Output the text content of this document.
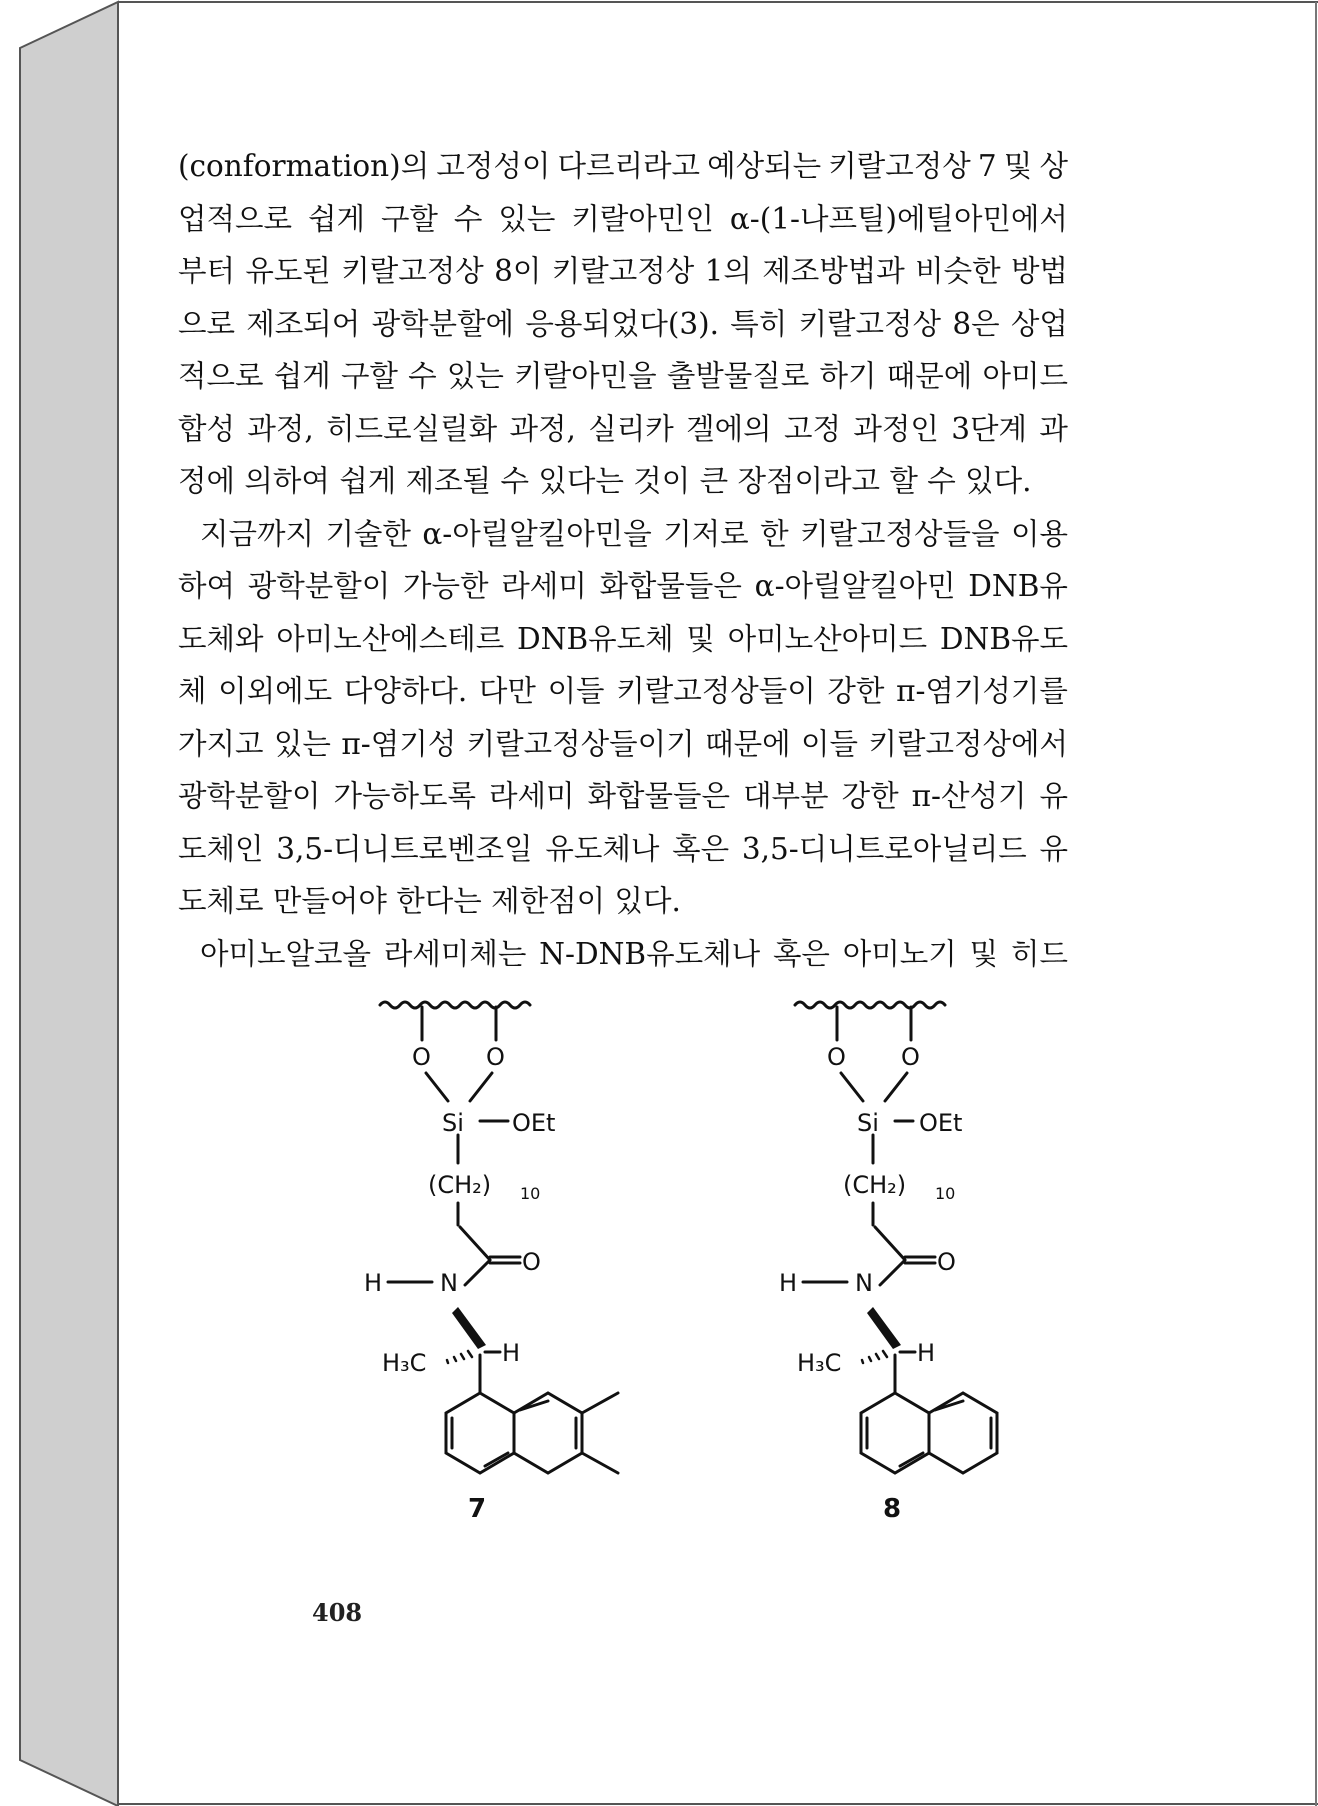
(conformation)의 고정성이 다르리라고 예상되는 키랄고정상 7 및 상
업적으로 쉽게 구할 수 있는 키랄아민인 α-(1-나프틸)에틸아민에서
부터 유도된 키랄고정상 8이 키랄고정상 1의 제조방법과 비슷한 방법
으로 제조되어 광학분할에 응용되었다(3). 특히 키랄고정상 8은 상업
적으로 쉽게 구할 수 있는 키랄아민을 출발물질로 하기 때문에 아미드
합성 과정, 히드로실릴화 과정, 실리카 겔에의 고정 과정인 3단계 과
정에 의하여 쉽게 제조될 수 있다는 것이 큰 장점이라고 할 수 있다.
지금까지 기술한 α-아릴알킬아민을 기저로 한 키랄고정상들을 이용
하여 광학분할이 가능한 라세미 화합물들은 α-아릴알킬아민 DNB유
도체와 아미노산에스테르 DNB유도체 및 아미노산아미드 DNB유도
체 이외에도 다양하다. 다만 이들 키랄고정상들이 강한 π-염기성기를
가지고 있는 π-염기성 키랄고정상들이기 때문에 이들 키랄고정상에서
광학분할이 가능하도록 라세미 화합물들은 대부분 강한 π-산성기 유
도체인 3,5-디니트로벤조일 유도체나 혹은 3,5-디니트로아닐리드 유
도체로 만들어야 한다는 제한점이 있다.
아미노알코올 라세미체는 N-DNB유도체나 혹은 아미노기 및 히드
O O
Si OEt
(CH₂) 10
O
H N
H
H₃C
7
O O
Si OEt
(CH₂) 10
O
H N
H
H₃C
8
408
